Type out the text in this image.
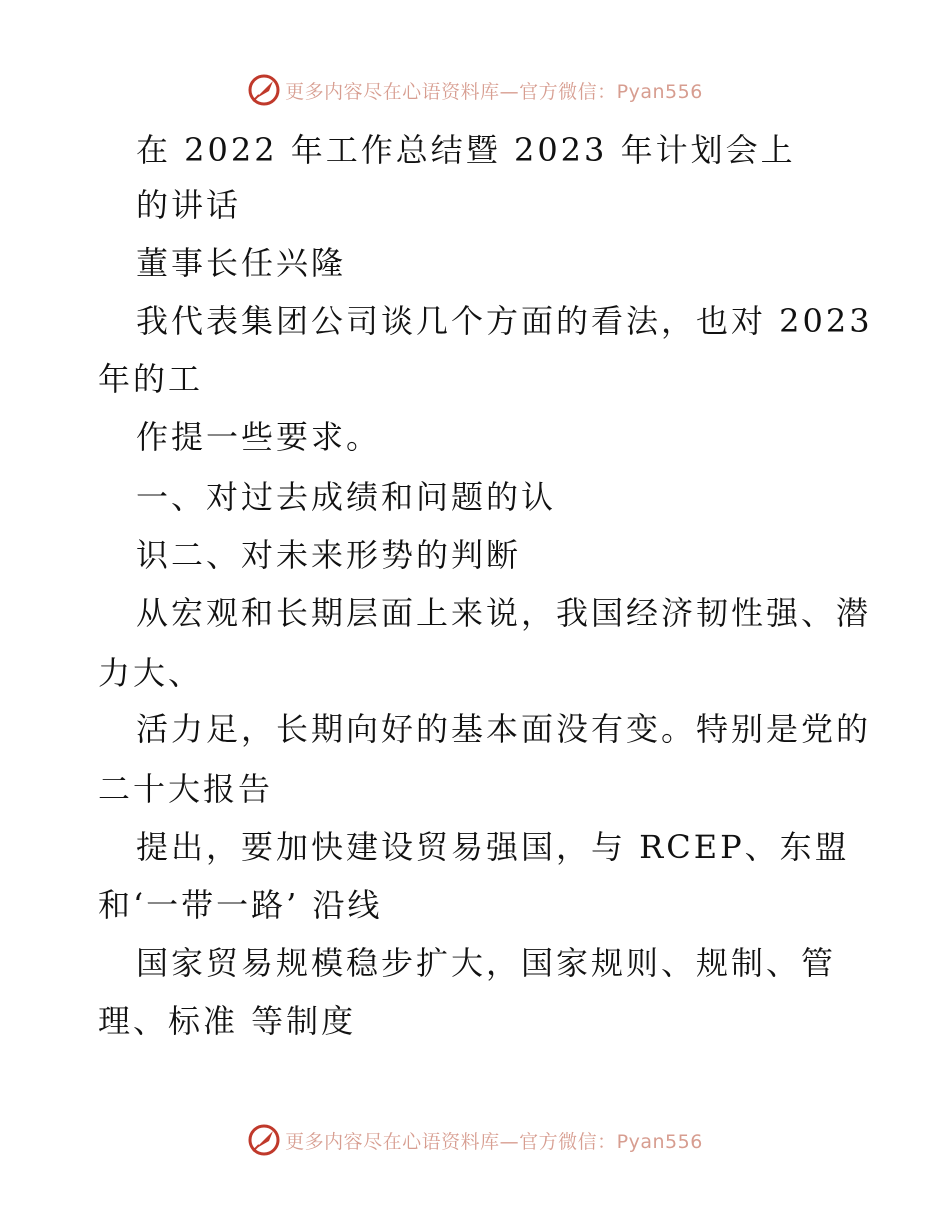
更多内容尽在心语资料库—官方微信：Pyan556
在 2022 年工作总结暨 2023 年计划会上
的讲话
董事长任兴隆
我代表集团公司谈几个方面的看法，也对 2023
年的工
作提一些要求。
一、对过去成绩和问题的认
识二、对未来形势的判断
从宏观和长期层面上来说，我国经济韧性强、潜
力大、
活力足，长期向好的基本面没有变。特别是党的
二十大报告
提出，要加快建设贸易强国，与 RCEP、东盟
和‘一带一路’ 沿线
国家贸易规模稳步扩大，国家规则、规制、管
理、标准 等制度
更多内容尽在心语资料库—官方微信：Pyan556
